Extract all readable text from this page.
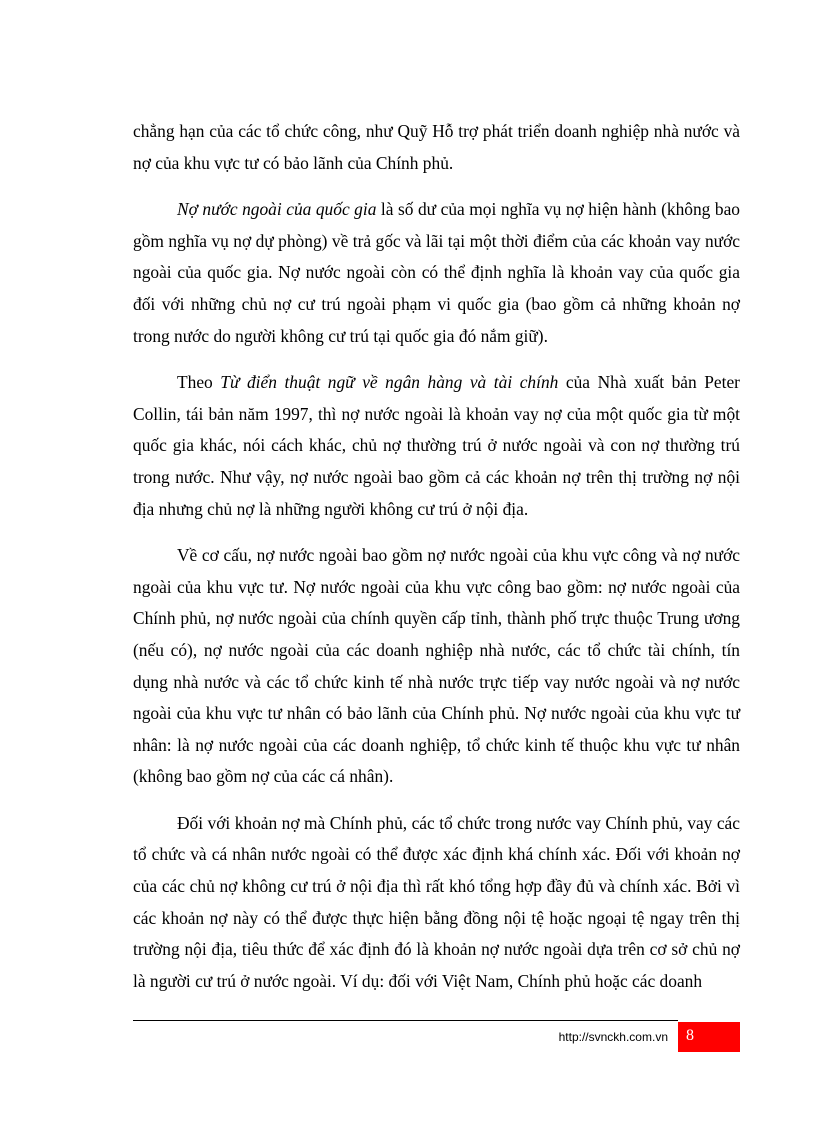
chẳng hạn của các tổ chức công, như Quỹ Hỗ trợ phát triển doanh nghiệp nhà nước và nợ của khu vực tư có bảo lãnh của Chính phủ.

Nợ nước ngoài của quốc gia là số dư của mọi nghĩa vụ nợ hiện hành (không bao gồm nghĩa vụ nợ dự phòng) về trả gốc và lãi tại một thời điểm của các khoản vay nước ngoài của quốc gia. Nợ nước ngoài còn có thể định nghĩa là khoản vay của quốc gia đối với những chủ nợ cư trú ngoài phạm vi quốc gia (bao gồm cả những khoản nợ trong nước do người không cư trú tại quốc gia đó nắm giữ).

Theo Từ điển thuật ngữ về ngân hàng và tài chính của Nhà xuất bản Peter Collin, tái bản năm 1997, thì nợ nước ngoài là khoản vay nợ của một quốc gia từ một quốc gia khác, nói cách khác, chủ nợ thường trú ở nước ngoài và con nợ thường trú trong nước. Như vậy, nợ nước ngoài bao gồm cả các khoản nợ trên thị trường nợ nội địa nhưng chủ nợ là những người không cư trú ở nội địa.

Về cơ cấu, nợ nước ngoài bao gồm nợ nước ngoài của khu vực công và nợ nước ngoài của khu vực tư. Nợ nước ngoài của khu vực công bao gồm: nợ nước ngoài của Chính phủ, nợ nước ngoài của chính quyền cấp tỉnh, thành phố trực thuộc Trung ương (nếu có), nợ nước ngoài của các doanh nghiệp nhà nước, các tổ chức tài chính, tín dụng nhà nước và các tổ chức kinh tế nhà nước trực tiếp vay nước ngoài và nợ nước ngoài của khu vực tư nhân có bảo lãnh của Chính phủ. Nợ nước ngoài của khu vực tư nhân: là nợ nước ngoài của các doanh nghiệp, tổ chức kinh tế thuộc khu vực tư nhân (không bao gồm nợ của các cá nhân).

Đối với khoản nợ mà Chính phủ, các tổ chức trong nước vay Chính phủ, vay các tổ chức và cá nhân nước ngoài có thể được xác định khá chính xác. Đối với khoản nợ của các chủ nợ không cư trú ở nội địa thì rất khó tổng hợp đầy đủ và chính xác. Bởi vì các khoản nợ này có thể được thực hiện bằng đồng nội tệ hoặc ngoại tệ ngay trên thị trường nội địa, tiêu thức để xác định đó là khoản nợ nước ngoài dựa trên cơ sở chủ nợ là người cư trú ở nước ngoài. Ví dụ: đối với Việt Nam, Chính phủ hoặc các doanh

http://svnckh.com.vn 8
